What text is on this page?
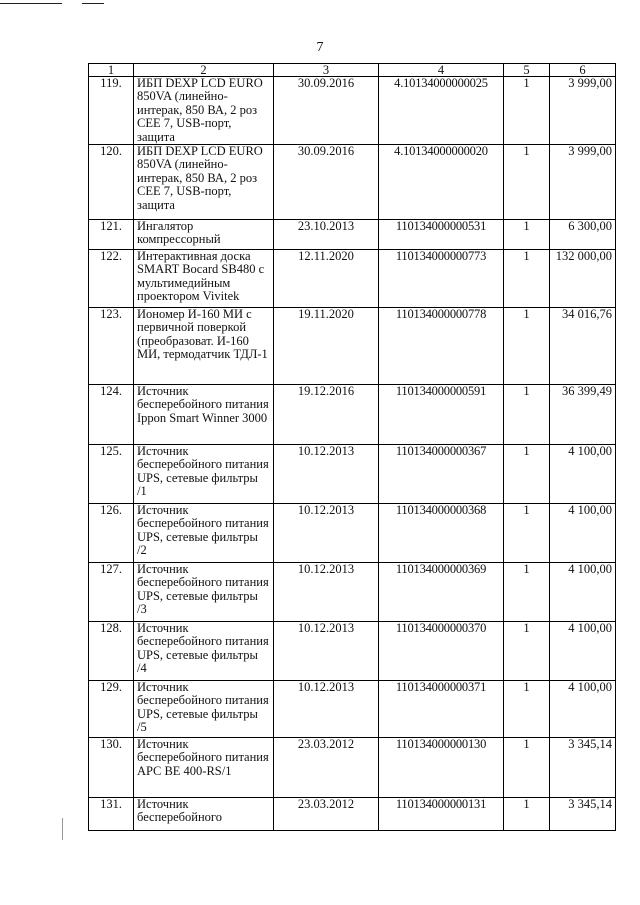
7
1	2	3	4	5	6
119.	ИБП DEXP LCD EURO 850VA (линейно-интерак, 850 ВА, 2 роз CEE 7, USB-порт, защита	30.09.2016	4.10134000000025	1	3 999,00
120.	ИБП DEXP LCD EURO 850VA (линейно-интерак, 850 ВА, 2 роз CEE 7, USB-порт, защита	30.09.2016	4.10134000000020	1	3 999,00
121.	Ингалятор компрессорный	23.10.2013	110134000000531	1	6 300,00
122.	Интерактивная доска SMART Bocard SB480 с мультимедийным проектором Vivitek	12.11.2020	110134000000773	1	132 000,00
123.	Иономер И-160 МИ с первичной поверкой (преобразоват. И-160 МИ, термодатчик ТДЛ-1	19.11.2020	110134000000778	1	34 016,76
124.	Источник бесперебойного питания Ippon Smart Winner 3000	19.12.2016	110134000000591	1	36 399,49
125.	Источник бесперебойного питания UPS, сетевые фильтры /1	10.12.2013	110134000000367	1	4 100,00
126.	Источник бесперебойного питания UPS, сетевые фильтры /2	10.12.2013	110134000000368	1	4 100,00
127.	Источник бесперебойного питания UPS, сетевые фильтры /3	10.12.2013	110134000000369	1	4 100,00
128.	Источник бесперебойного питания UPS, сетевые фильтры /4	10.12.2013	110134000000370	1	4 100,00
129.	Источник бесперебойного питания UPS, сетевые фильтры /5	10.12.2013	110134000000371	1	4 100,00
130.	Источник бесперебойного питания APC BE 400-RS/1	23.03.2012	110134000000130	1	3 345,14
131.	Источник бесперебойного	23.03.2012	110134000000131	1	3 345,14
